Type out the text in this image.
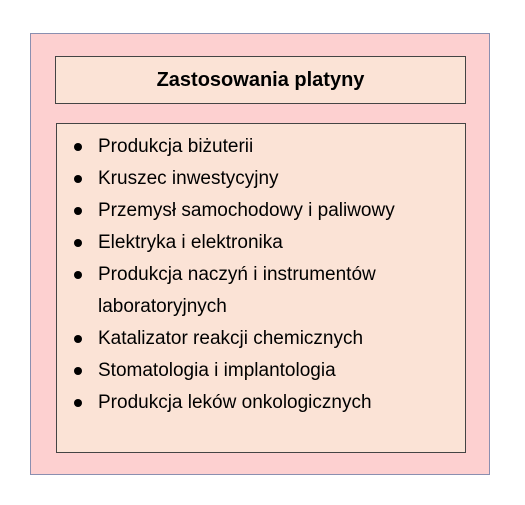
Zastosowania platyny
Produkcja biżuterii
Kruszec inwestycyjny
Przemysł samochodowy i paliwowy
Elektryka i elektronika
Produkcja naczyń i instrumentów laboratoryjnych
Katalizator reakcji chemicznych
Stomatologia i implantologia
Produkcja leków onkologicznych
